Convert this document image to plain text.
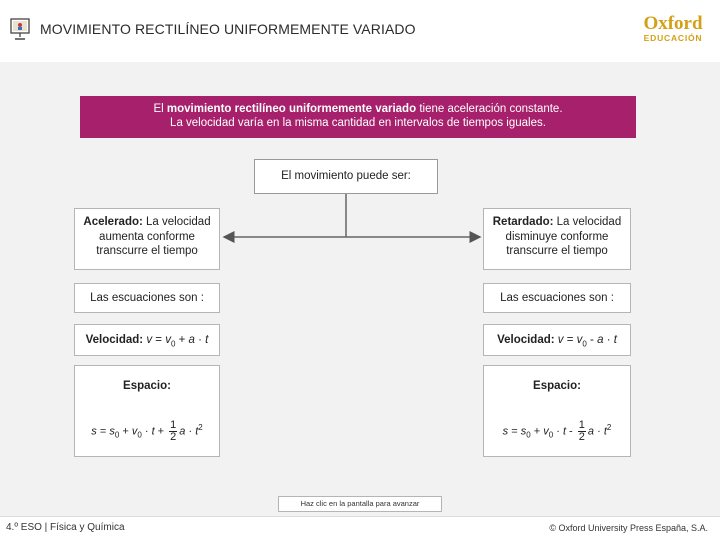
MOVIMIENTO RECTILÍNEO UNIFORMEMENTE VARIADO	Oxford
EDUCACIÓN
El movimiento rectilíneo uniformemente variado tiene aceleración constante.
La velocidad varía en la misma cantidad en intervalos de tiempos iguales.
El movimiento puede ser:
Acelerado: La velocidad aumenta conforme transcurre el tiempo
Las escuaciones son :
Velocidad: $v = v_0 + a \cdot t$
Espacio:
$s = s_0 + v_0 \cdot t + \frac{1}{2}$ $a \cdot t^2$
Retardado: La velocidad disminuye conforme transcurre el tiempo
Las escuaciones son :
Velocidad: $v = v_0 - a \cdot t$
Espacio:
$s = s_0 + v_0 \cdot t - \frac{1}{2}$ $a \cdot t^2$
Haz clic en la pantalla para avanzar
4.º ESO | Física y Química	© Oxford University Press España, S.A.
